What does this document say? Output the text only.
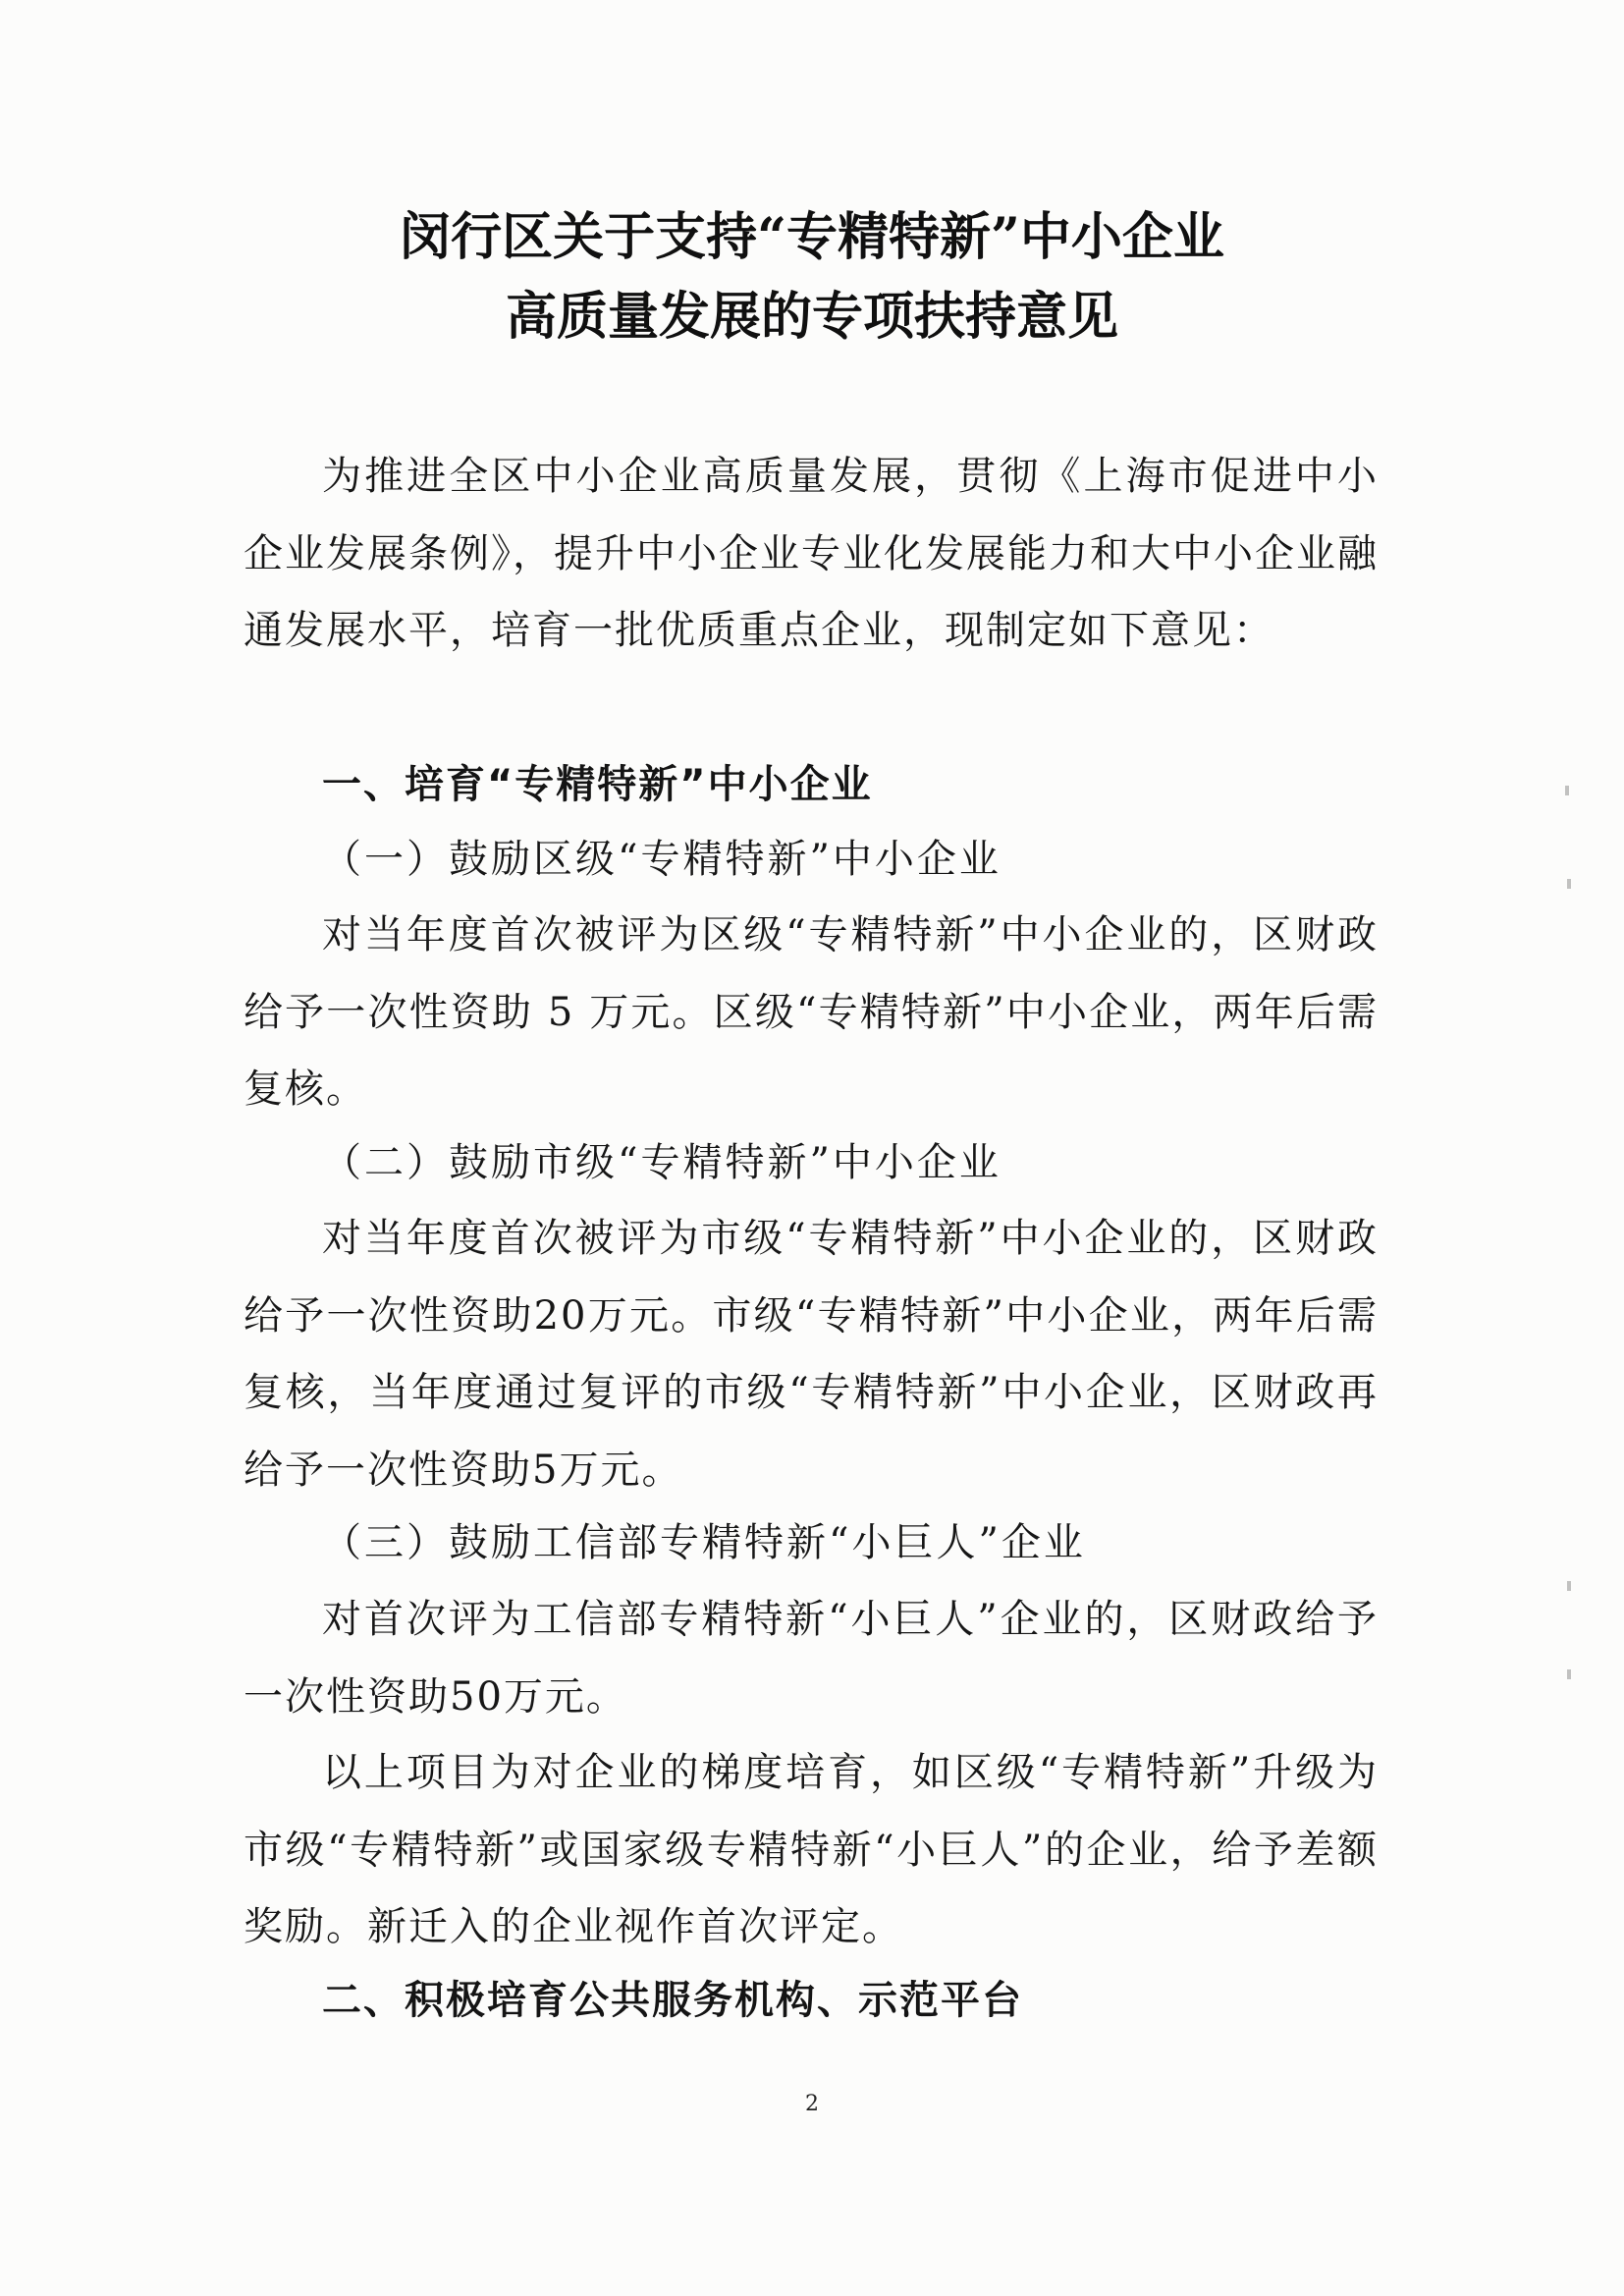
闵行区关于支持“专精特新”中小企业
高质量发展的专项扶持意见

为推进全区中小企业高质量发展，贯彻《上海市促进中小企业发展条例》，提升中小企业专业化发展能力和大中小企业融通发展水平，培育一批优质重点企业，现制定如下意见：

一、培育“专精特新”中小企业
（一）鼓励区级“专精特新”中小企业

对当年度首次被评为区级“专精特新”中小企业的，区财政给予一次性资助 5 万元。区级“专精特新”中小企业，两年后需复核。

（二）鼓励市级“专精特新”中小企业

对当年度首次被评为市级“专精特新”中小企业的，区财政给予一次性资助20万元。市级“专精特新”中小企业，两年后需复核，当年度通过复评的市级“专精特新”中小企业，区财政再给予一次性资助5万元。

（三）鼓励工信部专精特新“小巨人”企业

对首次评为工信部专精特新“小巨人”企业的，区财政给予一次性资助50万元。

以上项目为对企业的梯度培育，如区级“专精特新”升级为市级“专精特新”或国家级专精特新“小巨人”的企业，给予差额奖励。新迁入的企业视作首次评定。

二、积极培育公共服务机构、示范平台
2
